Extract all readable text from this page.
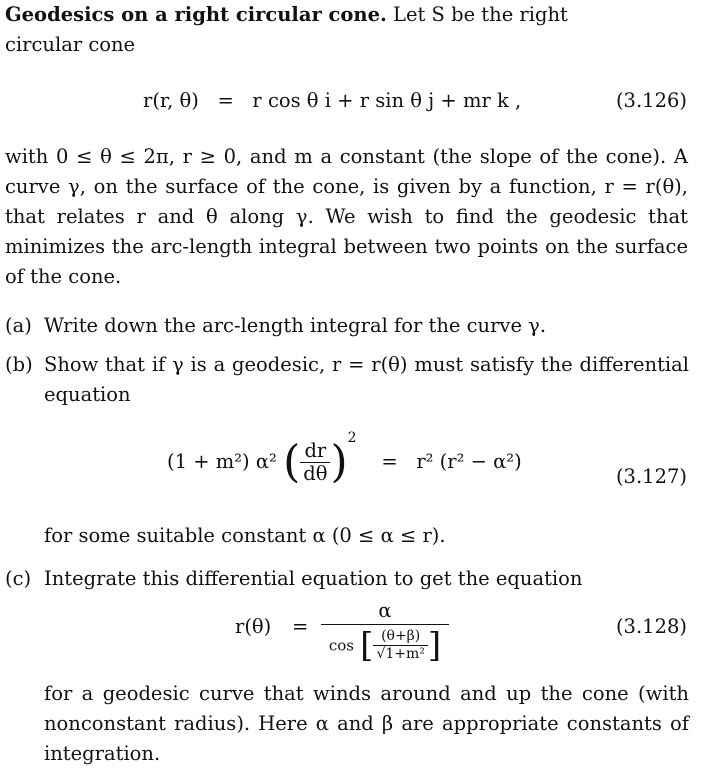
Geodesics on a right circular cone. Let S be the right
circular cone
r(r, θ) = r cos θ i + r sin θ j + mr k ,	(3.126)
with 0 ≤ θ ≤ 2π, r ≥ 0, and m a constant (the slope of the cone). A
curve γ, on the surface of the cone, is given by a function, r = r(θ),
that relates r and θ along γ. We wish to find the geodesic that
minimizes the arc-length integral between two points on the surface
of the cone.
(a) Write down the arc-length integral for the curve γ.
(b) Show that if γ is a geodesic, r = r(θ) must satisfy the differential
equation
(1 + m²) α² ( $\frac{dr}{d\theta} )^2$    = r² (r² − α²)
(3.127)
for some suitable constant α (0 ≤ α ≤ r).
(c) Integrate this differential equation to get the equation
$r(\theta) = \frac{\alpha}{\cos [ \frac{(\theta+\beta)}{\text{√1+m²}} ]}$	(3.128)
for a geodesic curve that winds around and up the cone (with
nonconstant radius). Here α and β are appropriate constants of
integration.
